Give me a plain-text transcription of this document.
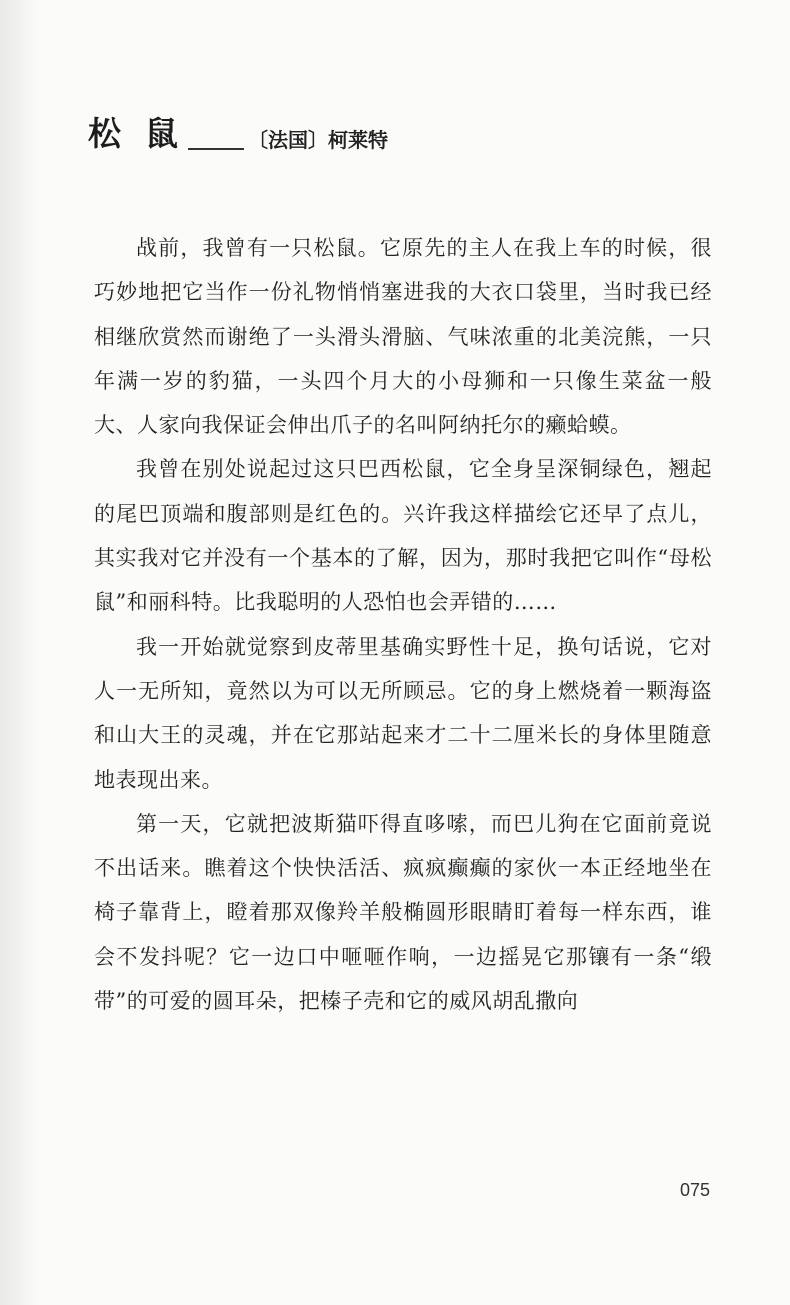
松鼠 〔法国〕柯莱特

战前，我曾有一只松鼠。它原先的主人在我上车的时候，很巧妙地把它当作一份礼物悄悄塞进我的大衣口袋里，当时我已经相继欣赏然而谢绝了一头滑头滑脑、气味浓重的北美浣熊，一只年满一岁的豹猫，一头四个月大的小母狮和一只像生菜盆一般大、人家向我保证会伸出爪子的名叫阿纳托尔的癞蛤蟆。

我曾在别处说起过这只巴西松鼠，它全身呈深铜绿色，翘起的尾巴顶端和腹部则是红色的。兴许我这样描绘它还早了点儿，其实我对它并没有一个基本的了解，因为，那时我把它叫作“母松鼠”和丽科特。比我聪明的人恐怕也会弄错的……

我一开始就觉察到皮蒂里基确实野性十足，换句话说，它对人一无所知，竟然以为可以无所顾忌。它的身上燃烧着一颗海盗和山大王的灵魂，并在它那站起来才二十二厘米长的身体里随意地表现出来。

第一天，它就把波斯猫吓得直哆嗦，而巴儿狗在它面前竟说不出话来。瞧着这个快快活活、疯疯癫癫的家伙一本正经地坐在椅子靠背上，瞪着那双像羚羊般椭圆形眼睛盯着每一样东西，谁会不发抖呢？它一边口中咂咂作响，一边摇晃它那镶有一条“缎带”的可爱的圆耳朵，把榛子壳和它的威风胡乱撒向

075
